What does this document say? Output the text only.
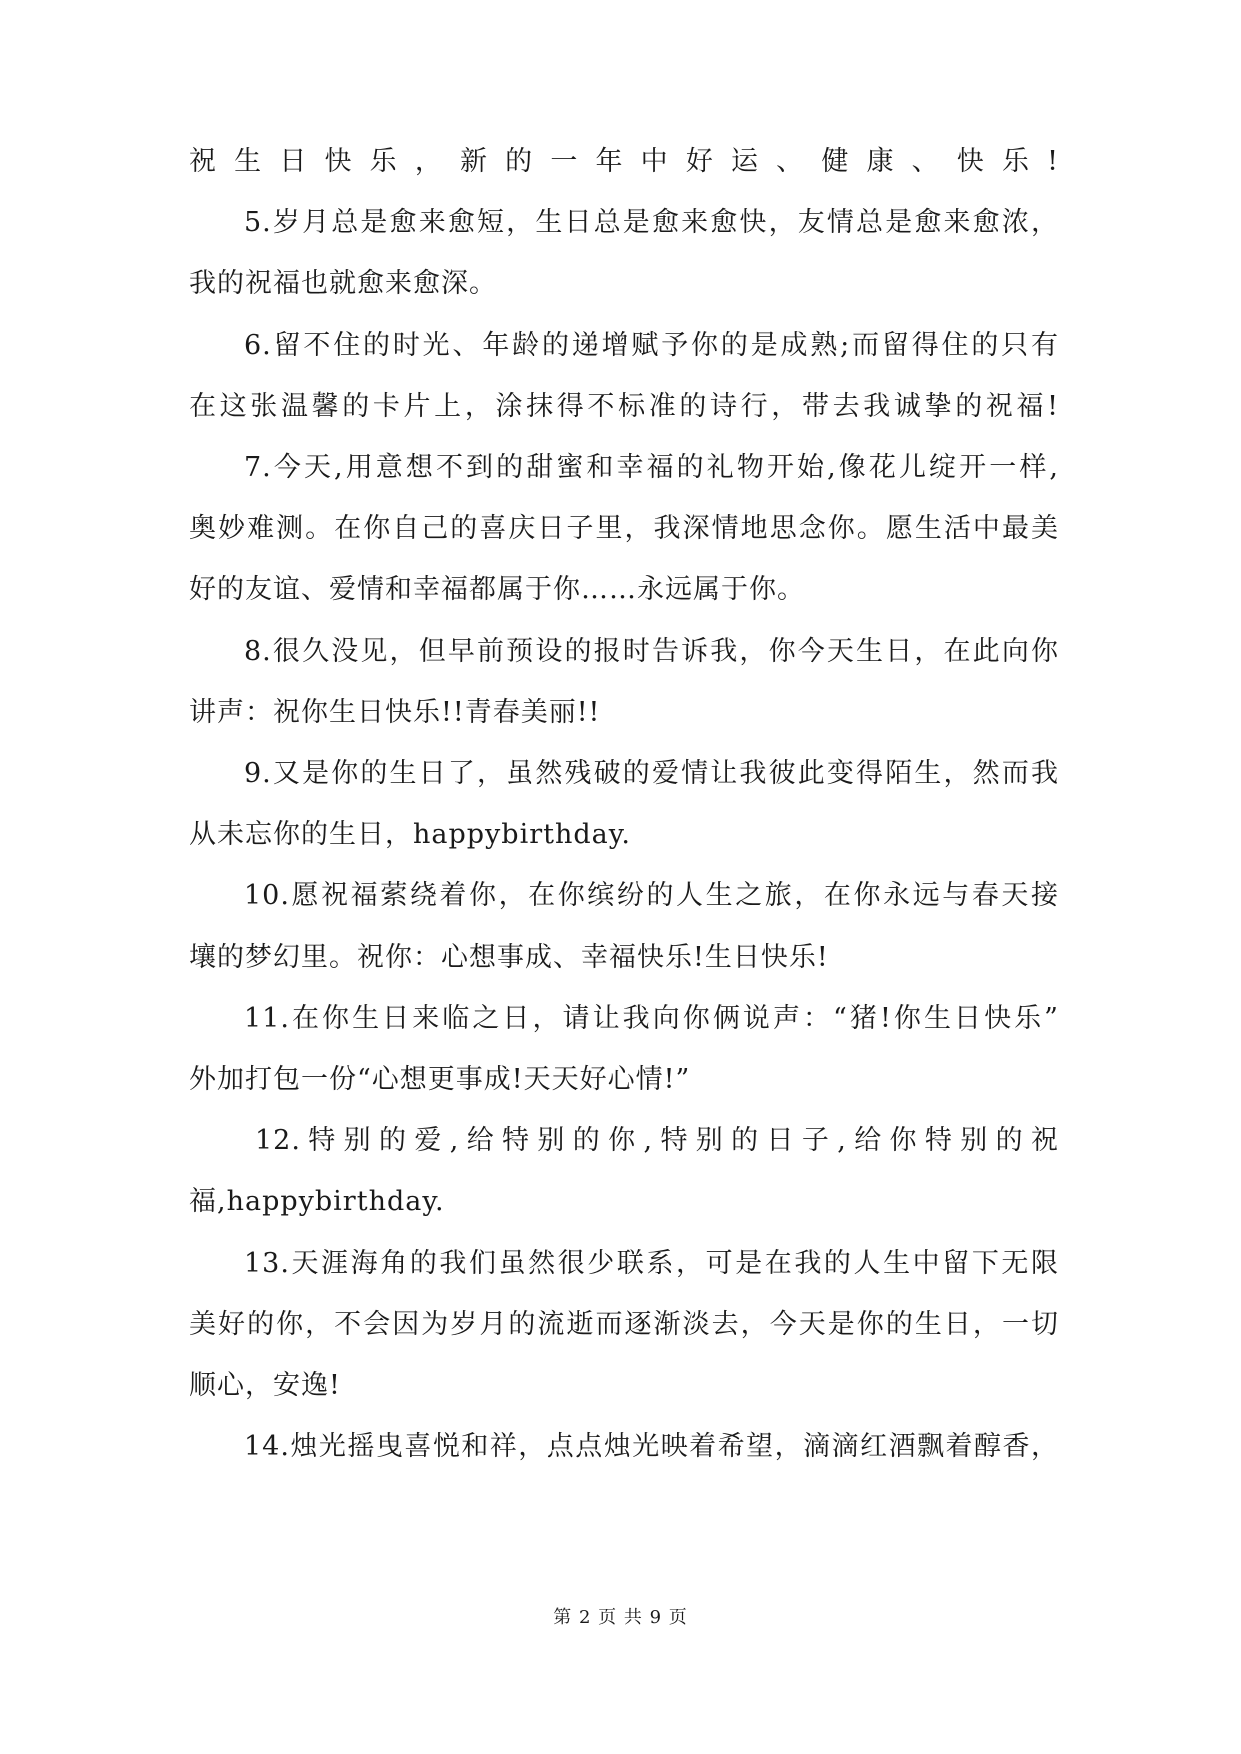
祝生日快乐，新的一年中好运、健康、快乐!
5.岁月总是愈来愈短，生日总是愈来愈快，友情总是愈来愈浓，
我的祝福也就愈来愈深。
6.留不住的时光、年龄的递增赋予你的是成熟;而留得住的只有
在这张温馨的卡片上，涂抹得不标准的诗行，带去我诚挚的祝福!
7.今天,用意想不到的甜蜜和幸福的礼物开始,像花儿绽开一样,
奥妙难测。在你自己的喜庆日子里，我深情地思念你。愿生活中最美
好的友谊、爱情和幸福都属于你……永远属于你。
8.很久没见，但早前预设的报时告诉我，你今天生日，在此向你
讲声：祝你生日快乐!!青春美丽!!
9.又是你的生日了，虽然残破的爱情让我彼此变得陌生，然而我
从未忘你的生日，happybirthday.
10.愿祝福萦绕着你，在你缤纷的人生之旅，在你永远与春天接
壤的梦幻里。祝你：心想事成、幸福快乐!生日快乐!
11.在你生日来临之日，请让我向你俩说声：“猪!你生日快乐”
外加打包一份“心想更事成!天天好心情!”
12.特别的爱,给特别的你,特别的日子,给你特别的祝
福,happybirthday.
13.天涯海角的我们虽然很少联系，可是在我的人生中留下无限
美好的你，不会因为岁月的流逝而逐渐淡去，今天是你的生日，一切
顺心，安逸!
14.烛光摇曳喜悦和祥，点点烛光映着希望，滴滴红酒飘着醇香，
第 2 页 共 9 页
